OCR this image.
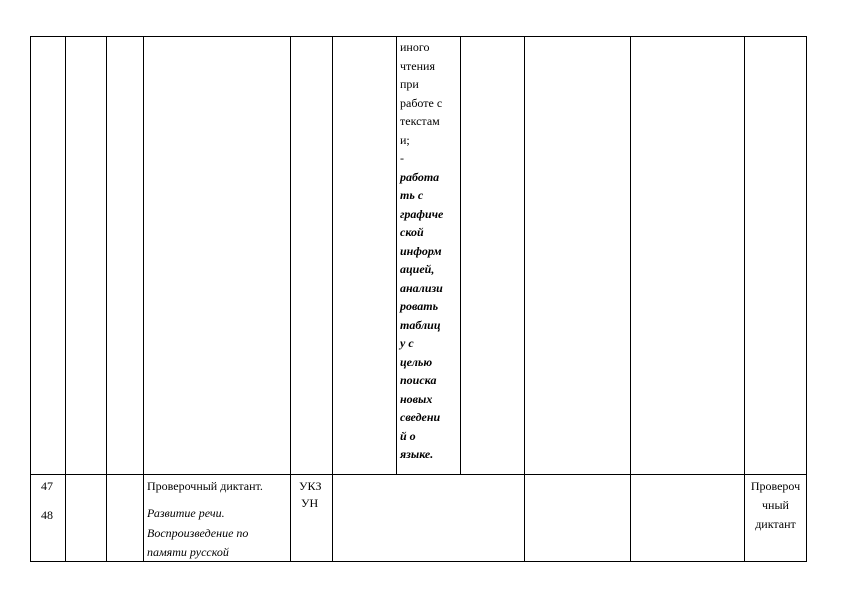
иного
чтения
при
работе с
текстам
и;
-
работа
ть с
графиче
ской
информ
ацией,
анализи
ровать
таблиц
у с
целью
поиска
новых
сведени
й о
языке.
47
48
Проверочный диктант.
Развитие речи.
Воспроизведение по
памяти русской
УКЗ
УН
Провероч
чный
диктант
